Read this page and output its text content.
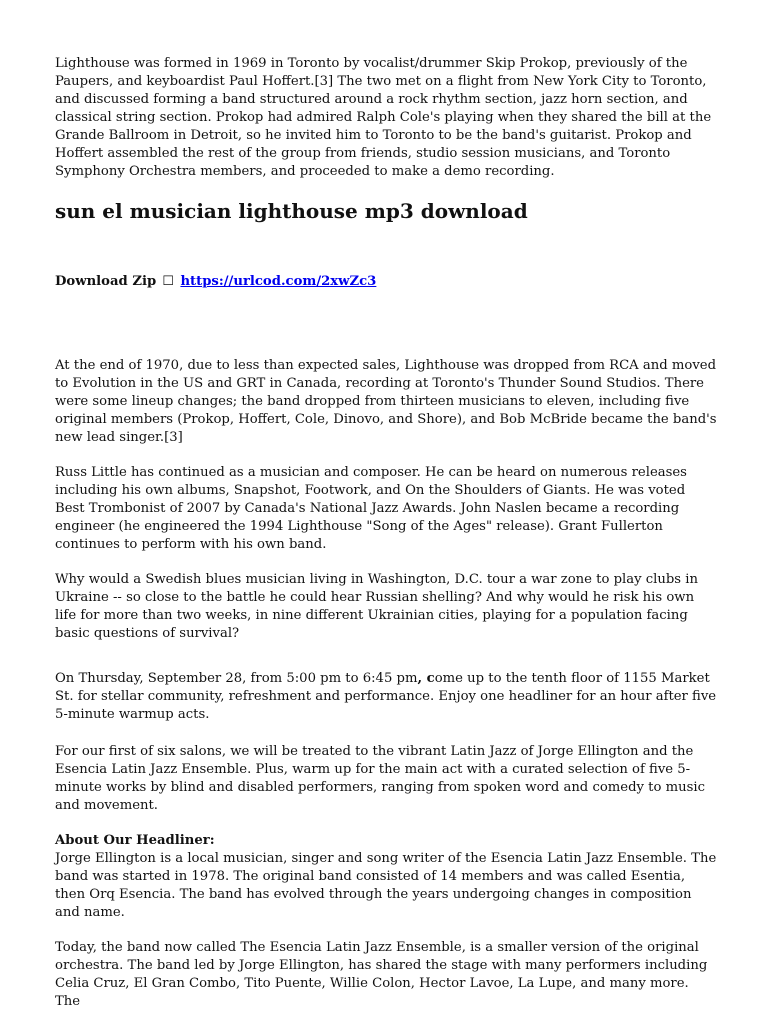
Lighthouse was formed in 1969 in Toronto by vocalist/drummer Skip Prokop, previously of the Paupers, and keyboardist Paul Hoffert.[3] The two met on a flight from New York City to Toronto, and discussed forming a band structured around a rock rhythm section, jazz horn section, and classical string section. Prokop had admired Ralph Cole's playing when they shared the bill at the Grande Ballroom in Detroit, so he invited him to Toronto to be the band's guitarist. Prokop and Hoffert assembled the rest of the group from friends, studio session musicians, and Toronto Symphony Orchestra members, and proceeded to make a demo recording.

sun el musician lighthouse mp3 download
Download Zip ☐ https://urlcod.com/2xwZc3

At the end of 1970, due to less than expected sales, Lighthouse was dropped from RCA and moved to Evolution in the US and GRT in Canada, recording at Toronto's Thunder Sound Studios. There were some lineup changes; the band dropped from thirteen musicians to eleven, including five original members (Prokop, Hoffert, Cole, Dinovo, and Shore), and Bob McBride became the band's new lead singer.[3]

Russ Little has continued as a musician and composer. He can be heard on numerous releases including his own albums, Snapshot, Footwork, and On the Shoulders of Giants. He was voted Best Trombonist of 2007 by Canada's National Jazz Awards. John Naslen became a recording engineer (he engineered the 1994 Lighthouse "Song of the Ages" release). Grant Fullerton continues to perform with his own band.

Why would a Swedish blues musician living in Washington, D.C. tour a war zone to play clubs in Ukraine -- so close to the battle he could hear Russian shelling? And why would he risk his own life for more than two weeks, in nine different Ukrainian cities, playing for a population facing basic questions of survival?

On Thursday, September 28, from 5:00 pm to 6:45 pm, come up to the tenth floor of 1155 Market St. for stellar community, refreshment and performance. Enjoy one headliner for an hour after five 5-minute warmup acts.

For our first of six salons, we will be treated to the vibrant Latin Jazz of Jorge Ellington and the Esencia Latin Jazz Ensemble. Plus, warm up for the main act with a curated selection of five 5-minute works by blind and disabled performers, ranging from spoken word and comedy to music and movement.

About Our Headliner:

Jorge Ellington is a local musician, singer and song writer of the Esencia Latin Jazz Ensemble. The band was started in 1978. The original band consisted of 14 members and was called Esentia, then Orq Esencia. The band has evolved through the years undergoing changes in composition and name.

Today, the band now called The Esencia Latin Jazz Ensemble, is a smaller version of the original orchestra. The band led by Jorge Ellington, has shared the stage with many performers including Celia Cruz, El Gran Combo, Tito Puente, Willie Colon, Hector Lavoe, La Lupe, and many more. The
